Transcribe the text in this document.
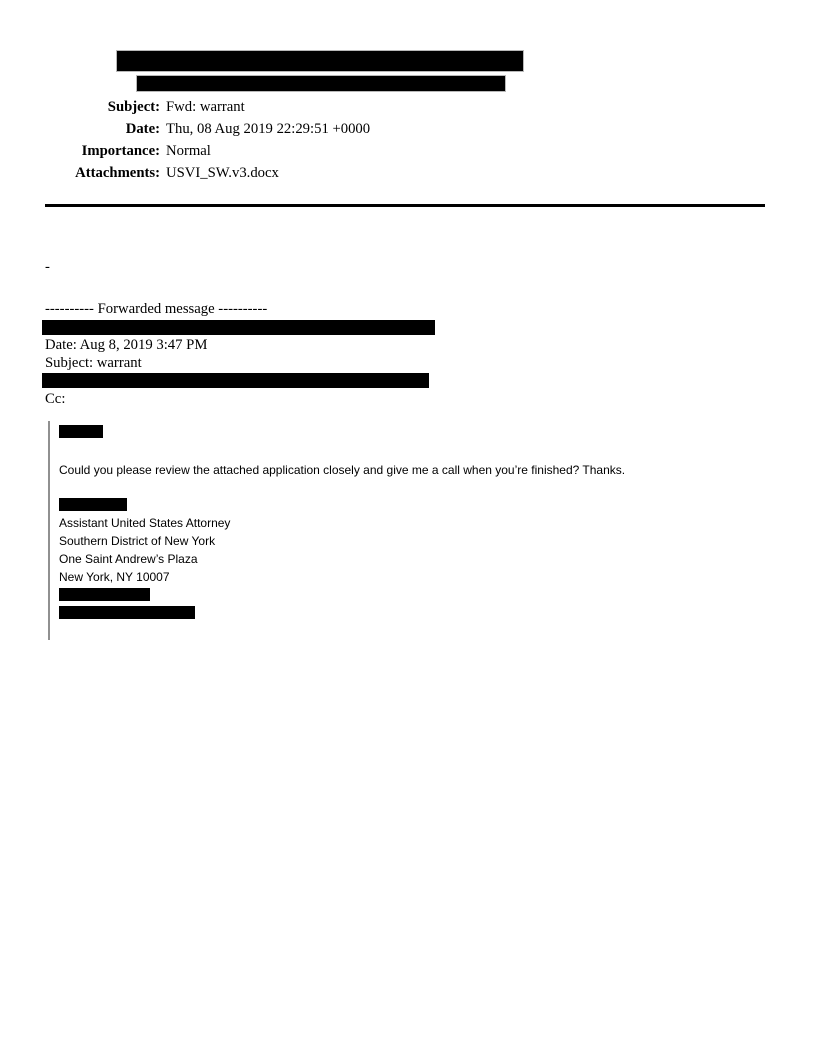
Subject: Fwd: warrant
Date: Thu, 08 Aug 2019 22:29:51 +0000
Importance: Normal
Attachments: USVI_SW.v3.docx
-
---------- Forwarded message ----------
Date: Aug 8, 2019 3:47 PM
Subject: warrant
Cc:
Could you please review the attached application closely and give me a call when you’re finished? Thanks.
Assistant United States Attorney
Southern District of New York
One Saint Andrew’s Plaza
New York, NY 10007
